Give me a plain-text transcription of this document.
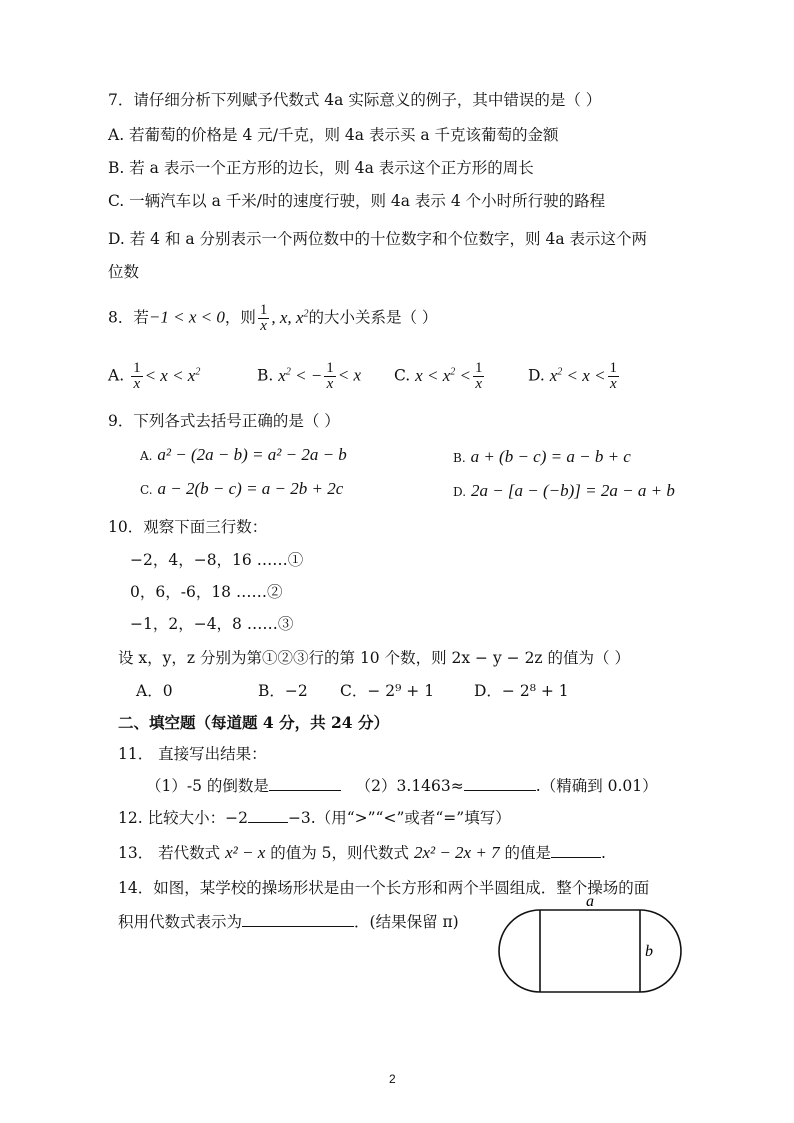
7．请仔细分析下列赋予代数式 4a 实际意义的例子，其中错误的是（ ）
A. 若葡萄的价格是 4 元/千克，则 4a 表示买 a 千克该葡萄的金额
B. 若 a 表示一个正方形的边长，则 4a 表示这个正方形的周长
C. 一辆汽车以 a 千米/时的速度行驶，则 4a 表示 4 个小时所行驶的路程
D. 若 4 和 a 分别表示一个两位数中的十位数字和个位数字，则 4a 表示这个两
位数
8．若−1 < x < 0，则 $\frac{1}{x}$ , x, $x^2$的大小关系是（ ）
A. $\frac{1}{x} < x < x^2$	B. $x^2$ < − $\frac{1}{x} < x$ C. $x < x^2 < \frac{1}{x}$	D. $x^2 < x < \frac{1}{x}$
9．下列各式去括号正确的是（ ）
A. a² − (2a − b) = a² − 2a − b	B. a + (b − c) = a − b + c
C. a − 2(b − c) = a − 2b + 2c	D. 2a − [a − (−b)] = 2a − a + b
10．观察下面三行数：
−2，4，−8，16 ……①
0，6，-6，18 ……②
−1，2，−4，8 ……③
设 x，y，z 分别为第①②③行的第 10 个数，则 2x − y − 2z 的值为（ ）
A．0	B．−2 C．− 2⁹ + 1	D．− 2⁸ + 1
二、填空题（每道题 4 分，共 24 分）
11． 直接写出结果：
（1）-5 的倒数是	（2）3.1463≈	.（精确到 0.01）
12. 比较大小：−2	−3.（用“>”“<”或者“=”填写）
13． 若代数式 x² − x 的值为 5，则代数式 2x² − 2x + 7 的值是	.
14．如图，某学校的操场形状是由一个长方形和两个半圆组成．整个操场的面
积用代数式表示为	．(结果保留 π)
a
b
2
